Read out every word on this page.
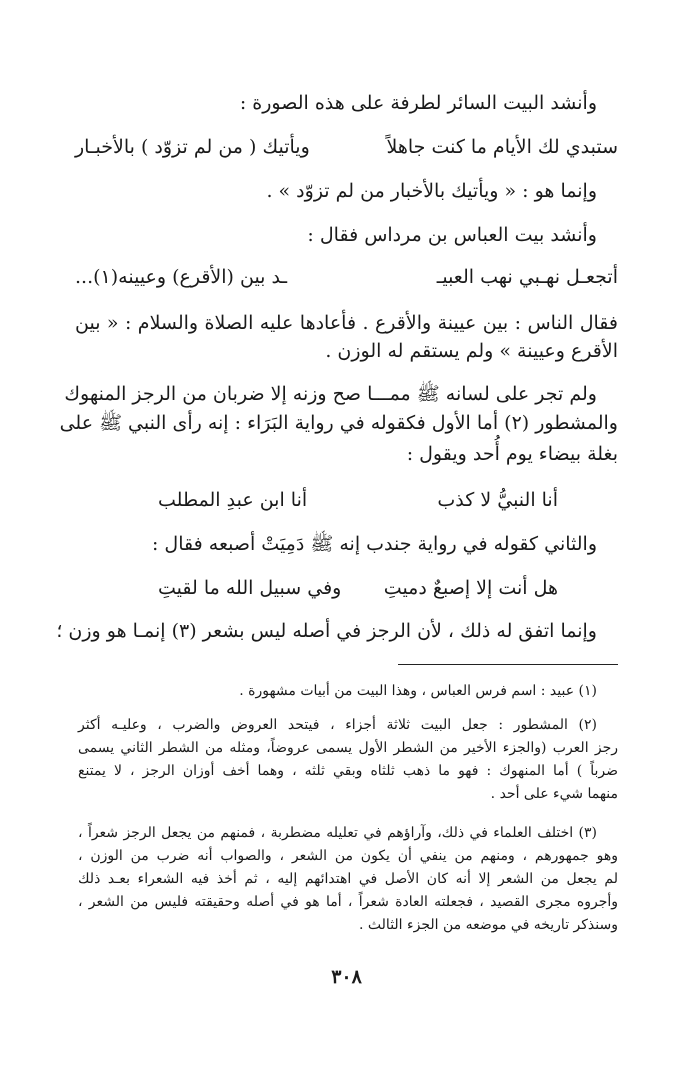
وأنشد البيت السائر لطرفة على هذه الصورة :
ستبدي لك الأيام ما كنت جاهلاً
ويأتيك ( من لم تزوّد ) بالأخبـار
وإنما هو : « ويأتيك بالأخبار من لم تزوّد » .
وأنشد بيت العباس بن مرداس فقال :
أتجعـل نهـبي نهب العبيـ
ـد بين (الأقرع) وعيينه(١)...
فقال الناس : بين عيينة والأقرع . فأعادها عليه الصلاة والسلام : « بين
الأقرع وعيينة » ولم يستقم له الوزن .
ولم تجر على لسانه ﷺ ممـــا صح وزنه إلا ضربان من الرجز المنهوك
والمشطور (٢) أما الأول فكقوله في رواية البَرَاء : إنه رأى النبي ﷺ على
بغلة بيضاء يوم أُحد ويقول :
أنا النبيُّ لا كذب
أنا ابن عبدِ المطلب
والثاني كقوله في رواية جندب إنه ﷺ دَمِيَتْ أصبعه فقال :
هل أنت إلا إصبعٌ دميتِ
وفي سبيل الله ما لقيتِ
وإنما اتفق له ذلك ، لأن الرجز في أصله ليس بشعر (٣) إنمـا هو وزن ؛
(١) عبيد : اسم فرس العباس ، وهذا البيت من أبيات مشهورة .
(٢) المشطور : جعل البيت ثلاثة أجزاء ، فيتحد العروض والضرب ، وعليـه أكثر
رجز العرب (والجزء الأخير من الشطر الأول يسمى عروضاً، ومثله من الشطر الثاني يسمى
ضرباً ) أما المنهوك : فهو ما ذهب ثلثاه وبقي ثلثه ، وهما أخف أوزان الرجز ، لا يمتنع
منهما شيء على أحد .
(٣) اختلف العلماء في ذلك، وآراؤهم في تعليله مضطربة ، فمنهم من يجعل الرجز شعراً ،
وهو جمهورهم ، ومنهم من ينفي أن يكون من الشعر ، والصواب أنه ضرب من الوزن ،
لم يجعل من الشعر إلا أنه كان الأصل في اهتدائهم إليه ، ثم أخذ فيه الشعراء بعـد ذلك
وأجروه مجرى القصيد ، فجعلته العادة شعراً ، أما هو في أصله وحقيقته فليس من الشعر ،
وسنذكر تاريخه في موضعه من الجزء الثالث .
٣٠٨
